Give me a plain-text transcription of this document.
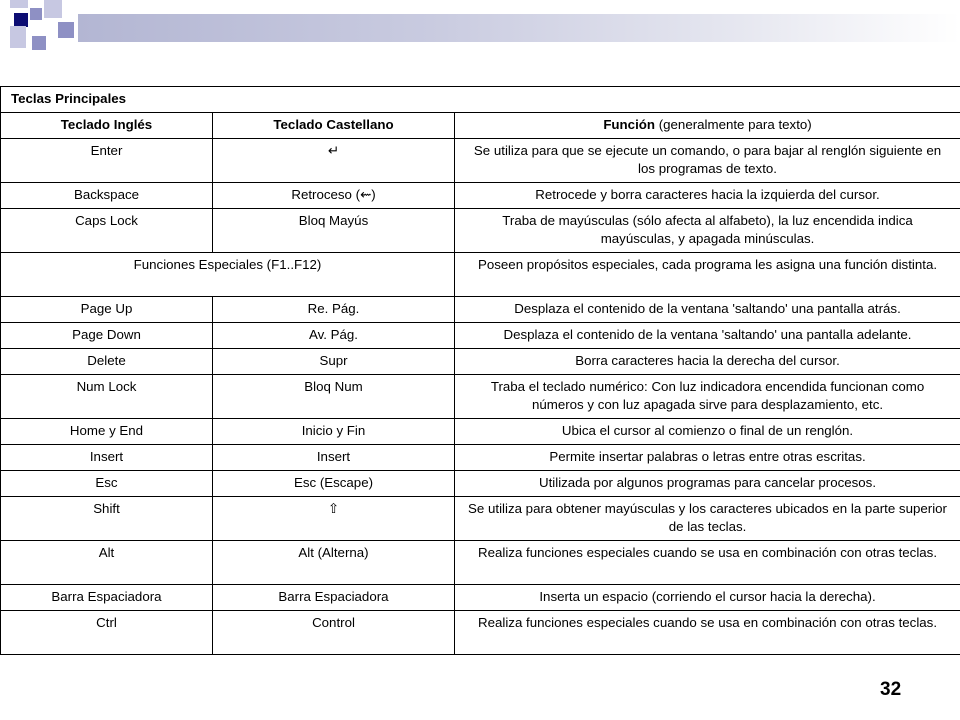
Teclas Principales		
Teclado Inglés	Teclado Castellano	Función (generalmente para texto)
Enter	↵	Se utiliza para que se ejecute un comando, o para bajar al renglón siguiente en los programas de texto.
Backspace	Retroceso (⇜)	Retrocede y borra caracteres hacia la izquierda del cursor.
Caps Lock	Bloq Mayús	Traba de mayúsculas (sólo afecta al alfabeto), la luz encendida indica mayúsculas, y apagada minúsculas.
Funciones Especiales (F1..F12)		Poseen propósitos especiales, cada programa les asigna una función distinta.
Page Up	Re. Pág.	Desplaza el contenido de la ventana 'saltando' una pantalla atrás.
Page Down	Av. Pág.	Desplaza el contenido de la ventana 'saltando' una pantalla adelante.
Delete	Supr	Borra caracteres hacia la derecha del cursor.
Num Lock	Bloq Num	Traba el teclado numérico: Con luz indicadora encendida funcionan como números y con luz apagada sirve para desplazamiento, etc.
Home y End	Inicio y Fin	Ubica el cursor al comienzo o final de un renglón.
Insert	Insert	Permite insertar palabras o letras entre otras escritas.
Esc	Esc (Escape)	Utilizada por algunos programas para cancelar procesos.
Shift	⇧	Se utiliza para obtener mayúsculas y los caracteres ubicados en la parte superior de las teclas.
Alt	Alt (Alterna)	Realiza funciones especiales cuando se usa en combinación con otras teclas.
Barra Espaciadora	Barra Espaciadora	Inserta un espacio (corriendo el cursor hacia la derecha).
Ctrl	Control	Realiza funciones especiales cuando se usa en combinación con otras teclas.
32
